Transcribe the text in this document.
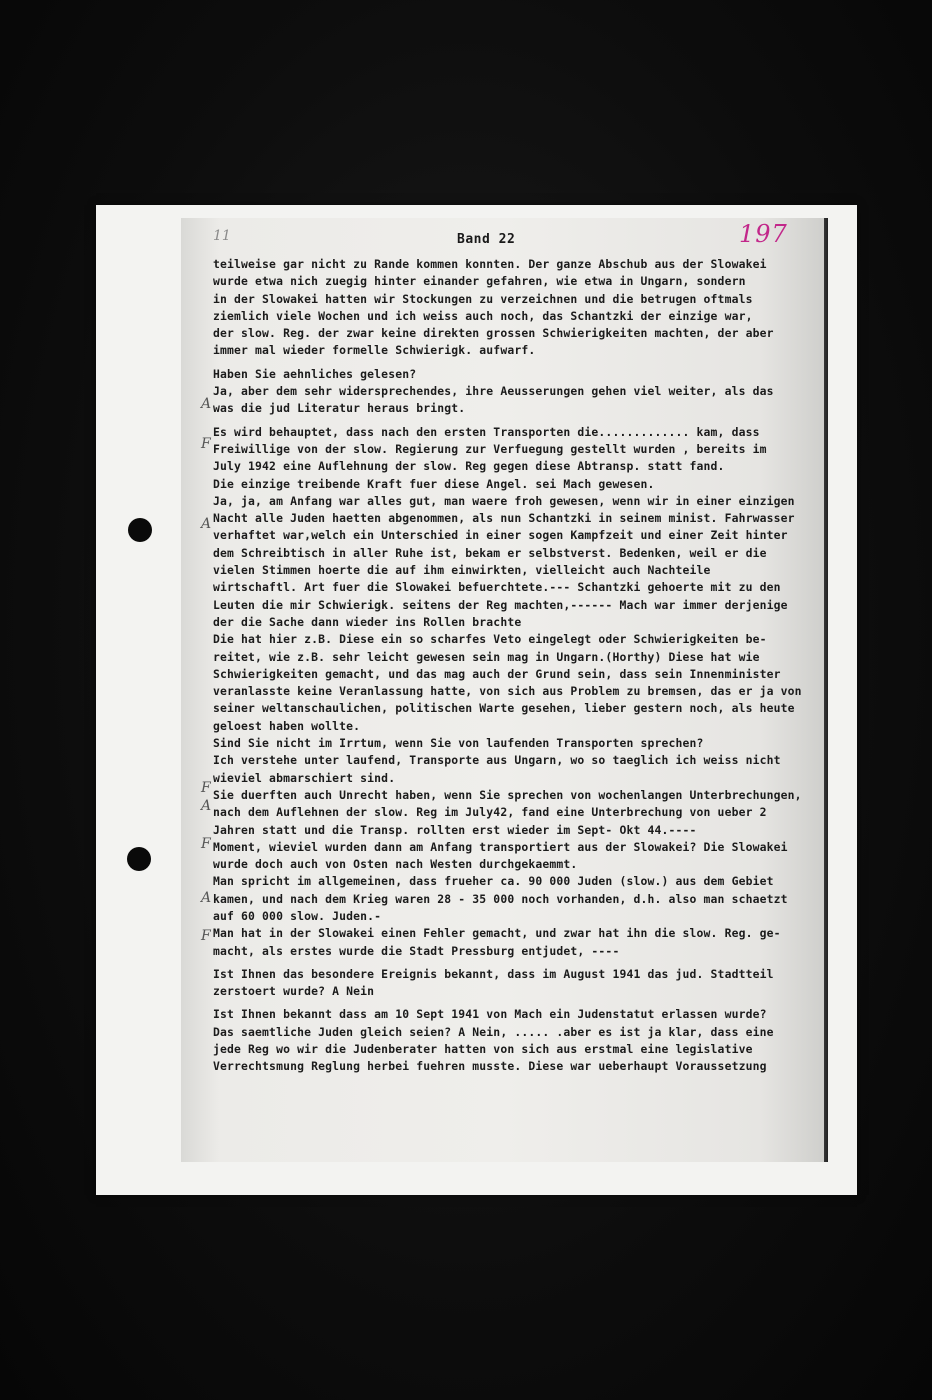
11	Band 22	197
teilweise gar nicht zu Rande kommen konnten. Der ganze Abschub aus der Slowakei
wurde etwa nich zuegig hinter einander gefahren, wie etwa in Ungarn, sondern
in der Slowakei hatten wir Stockungen zu verzeichnen und die betrugen oftmals
ziemlich viele Wochen und ich weiss auch noch, das Schantzki der einzige war,
der slow. Reg. der zwar keine direkten grossen Schwierigkeiten machten, der aber
immer mal wieder formelle Schwierigk. aufwarf.
Haben Sie aehnliches gelesen?
Ja, aber dem sehr widersprechendes, ihre Aeusserungen gehen viel weiter, als das
was die jud Literatur heraus bringt.
Es wird behauptet, dass nach den ersten Transporten die............. kam, dass
Freiwillige von der slow. Regierung zur Verfuegung gestellt wurden , bereits im
July 1942 eine Auflehnung der slow. Reg gegen diese Abtransp. statt fand.
Die einzige treibende Kraft fuer diese Angel. sei Mach gewesen.
Ja, ja, am Anfang war alles gut, man waere froh gewesen, wenn wir in einer einzigen
Nacht alle Juden haetten abgenommen, als nun Schantzki in seinem minist. Fahrwasser
verhaftet war,welch ein Unterschied in einer sogen Kampfzeit und einer Zeit hinter
dem Schreibtisch in aller Ruhe ist, bekam er selbstverst. Bedenken, weil er die
vielen Stimmen hoerte die auf ihm einwirkten, vielleicht auch Nachteile
wirtschaftl. Art fuer die Slowakei befuerchtete.--- Schantzki gehoerte mit zu den
Leuten die mir Schwierigk. seitens der Reg machten,------ Mach war immer derjenige
der die Sache dann wieder ins Rollen brachte
Die hat hier z.B. Diese ein so scharfes Veto eingelegt oder Schwierigkeiten be-
reitet, wie z.B. sehr leicht gewesen sein mag in Ungarn.(Horthy) Diese hat wie
Schwierigkeiten gemacht, und das mag auch der Grund sein, dass sein Innenminister
veranlasste keine Veranlassung hatte, von sich aus Problem zu bremsen, das er ja von
seiner weltanschaulichen, politischen Warte gesehen, lieber gestern noch, als heute
geloest haben wollte.
Sind Sie nicht im Irrtum, wenn Sie von laufenden Transporten sprechen?
Ich verstehe unter laufend, Transporte aus Ungarn, wo so taeglich ich weiss nicht
wieviel abmarschiert sind.
Sie duerften auch Unrecht haben, wenn Sie sprechen von wochenlangen Unterbrechungen,
nach dem Auflehnen der slow. Reg im July42, fand eine Unterbrechung von ueber 2
Jahren statt und die Transp. rollten erst wieder im Sept- Okt 44.----
Moment, wieviel wurden dann am Anfang transportiert aus der Slowakei? Die Slowakei
wurde doch auch von Osten nach Westen durchgekaemmt.
Man spricht im allgemeinen, dass frueher ca. 90 000 Juden (slow.) aus dem Gebiet
kamen, und nach dem Krieg waren 28 - 35 000 noch vorhanden, d.h. also man schaetzt
auf 60 000 slow. Juden.-
Man hat in der Slowakei einen Fehler gemacht, und zwar hat ihn die slow. Reg. ge-
macht, als erstes wurde die Stadt Pressburg entjudet, ----
Ist Ihnen das besondere Ereignis bekannt, dass im August 1941 das jud. Stadtteil
zerstoert wurde? A Nein
Ist Ihnen bekannt dass am 10 Sept 1941 von Mach ein Judenstatut erlassen wurde?
Das saemtliche Juden gleich seien? A Nein, ..... .aber es ist ja klar, dass eine
jede Reg wo wir die Judenberater hatten von sich aus erstmal eine legislative
Verrechtsmung Reglung herbei fuehren musste. Diese war ueberhaupt Voraussetzung
A
F
A
F
A
F
A
F
